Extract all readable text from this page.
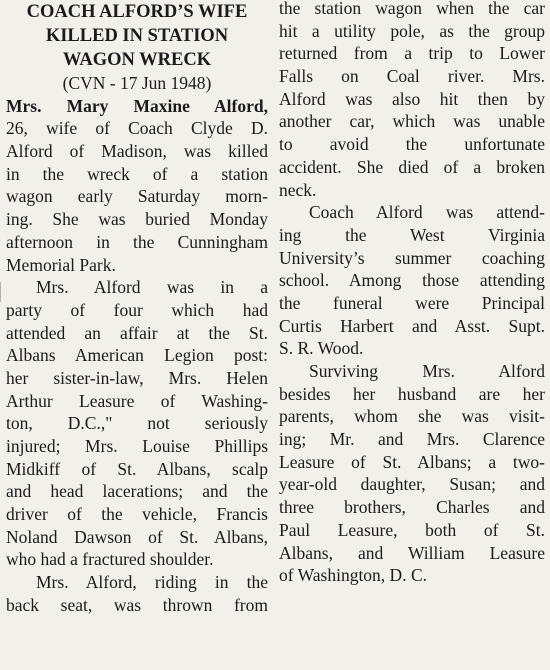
COACH ALFORD’S WIFE
KILLED IN STATION
WAGON WRECK
(CVN - 17 Jun 1948)
Mrs. Mary Maxine Alford,
26, wife of Coach Clyde D.
Alford of Madison, was killed
in the wreck of a station
wagon early Saturday morn-
ing. She was buried Monday
afternoon in the Cunningham
Memorial Park.
Mrs. Alford was in a
party of four which had
attended an affair at the St.
Albans American Legion post:
her sister-in-law, Mrs. Helen
Arthur Leasure of Washing-
ton, D.C.," not seriously
injured; Mrs. Louise Phillips
Midkiff of St. Albans, scalp
and head lacerations; and the
driver of the vehicle, Francis
Noland Dawson of St. Albans,
who had a fractured shoulder.
Mrs. Alford, riding in the
back seat, was thrown from
the station wagon when the car
hit a utility pole, as the group
returned from a trip to Lower
Falls on Coal river. Mrs.
Alford was also hit then by
another car, which was unable
to avoid the unfortunate
accident. She died of a broken
neck.
Coach Alford was attend-
ing the West Virginia
University’s summer coaching
school. Among those attending
the funeral were Principal
Curtis Harbert and Asst. Supt.
S. R. Wood.
Surviving Mrs. Alford
besides her husband are her
parents, whom she was visit-
ing; Mr. and Mrs. Clarence
Leasure of St. Albans; a two-
year-old daughter, Susan; and
three brothers, Charles and
Paul Leasure, both of St.
Albans, and William Leasure
of Washington, D. C.
